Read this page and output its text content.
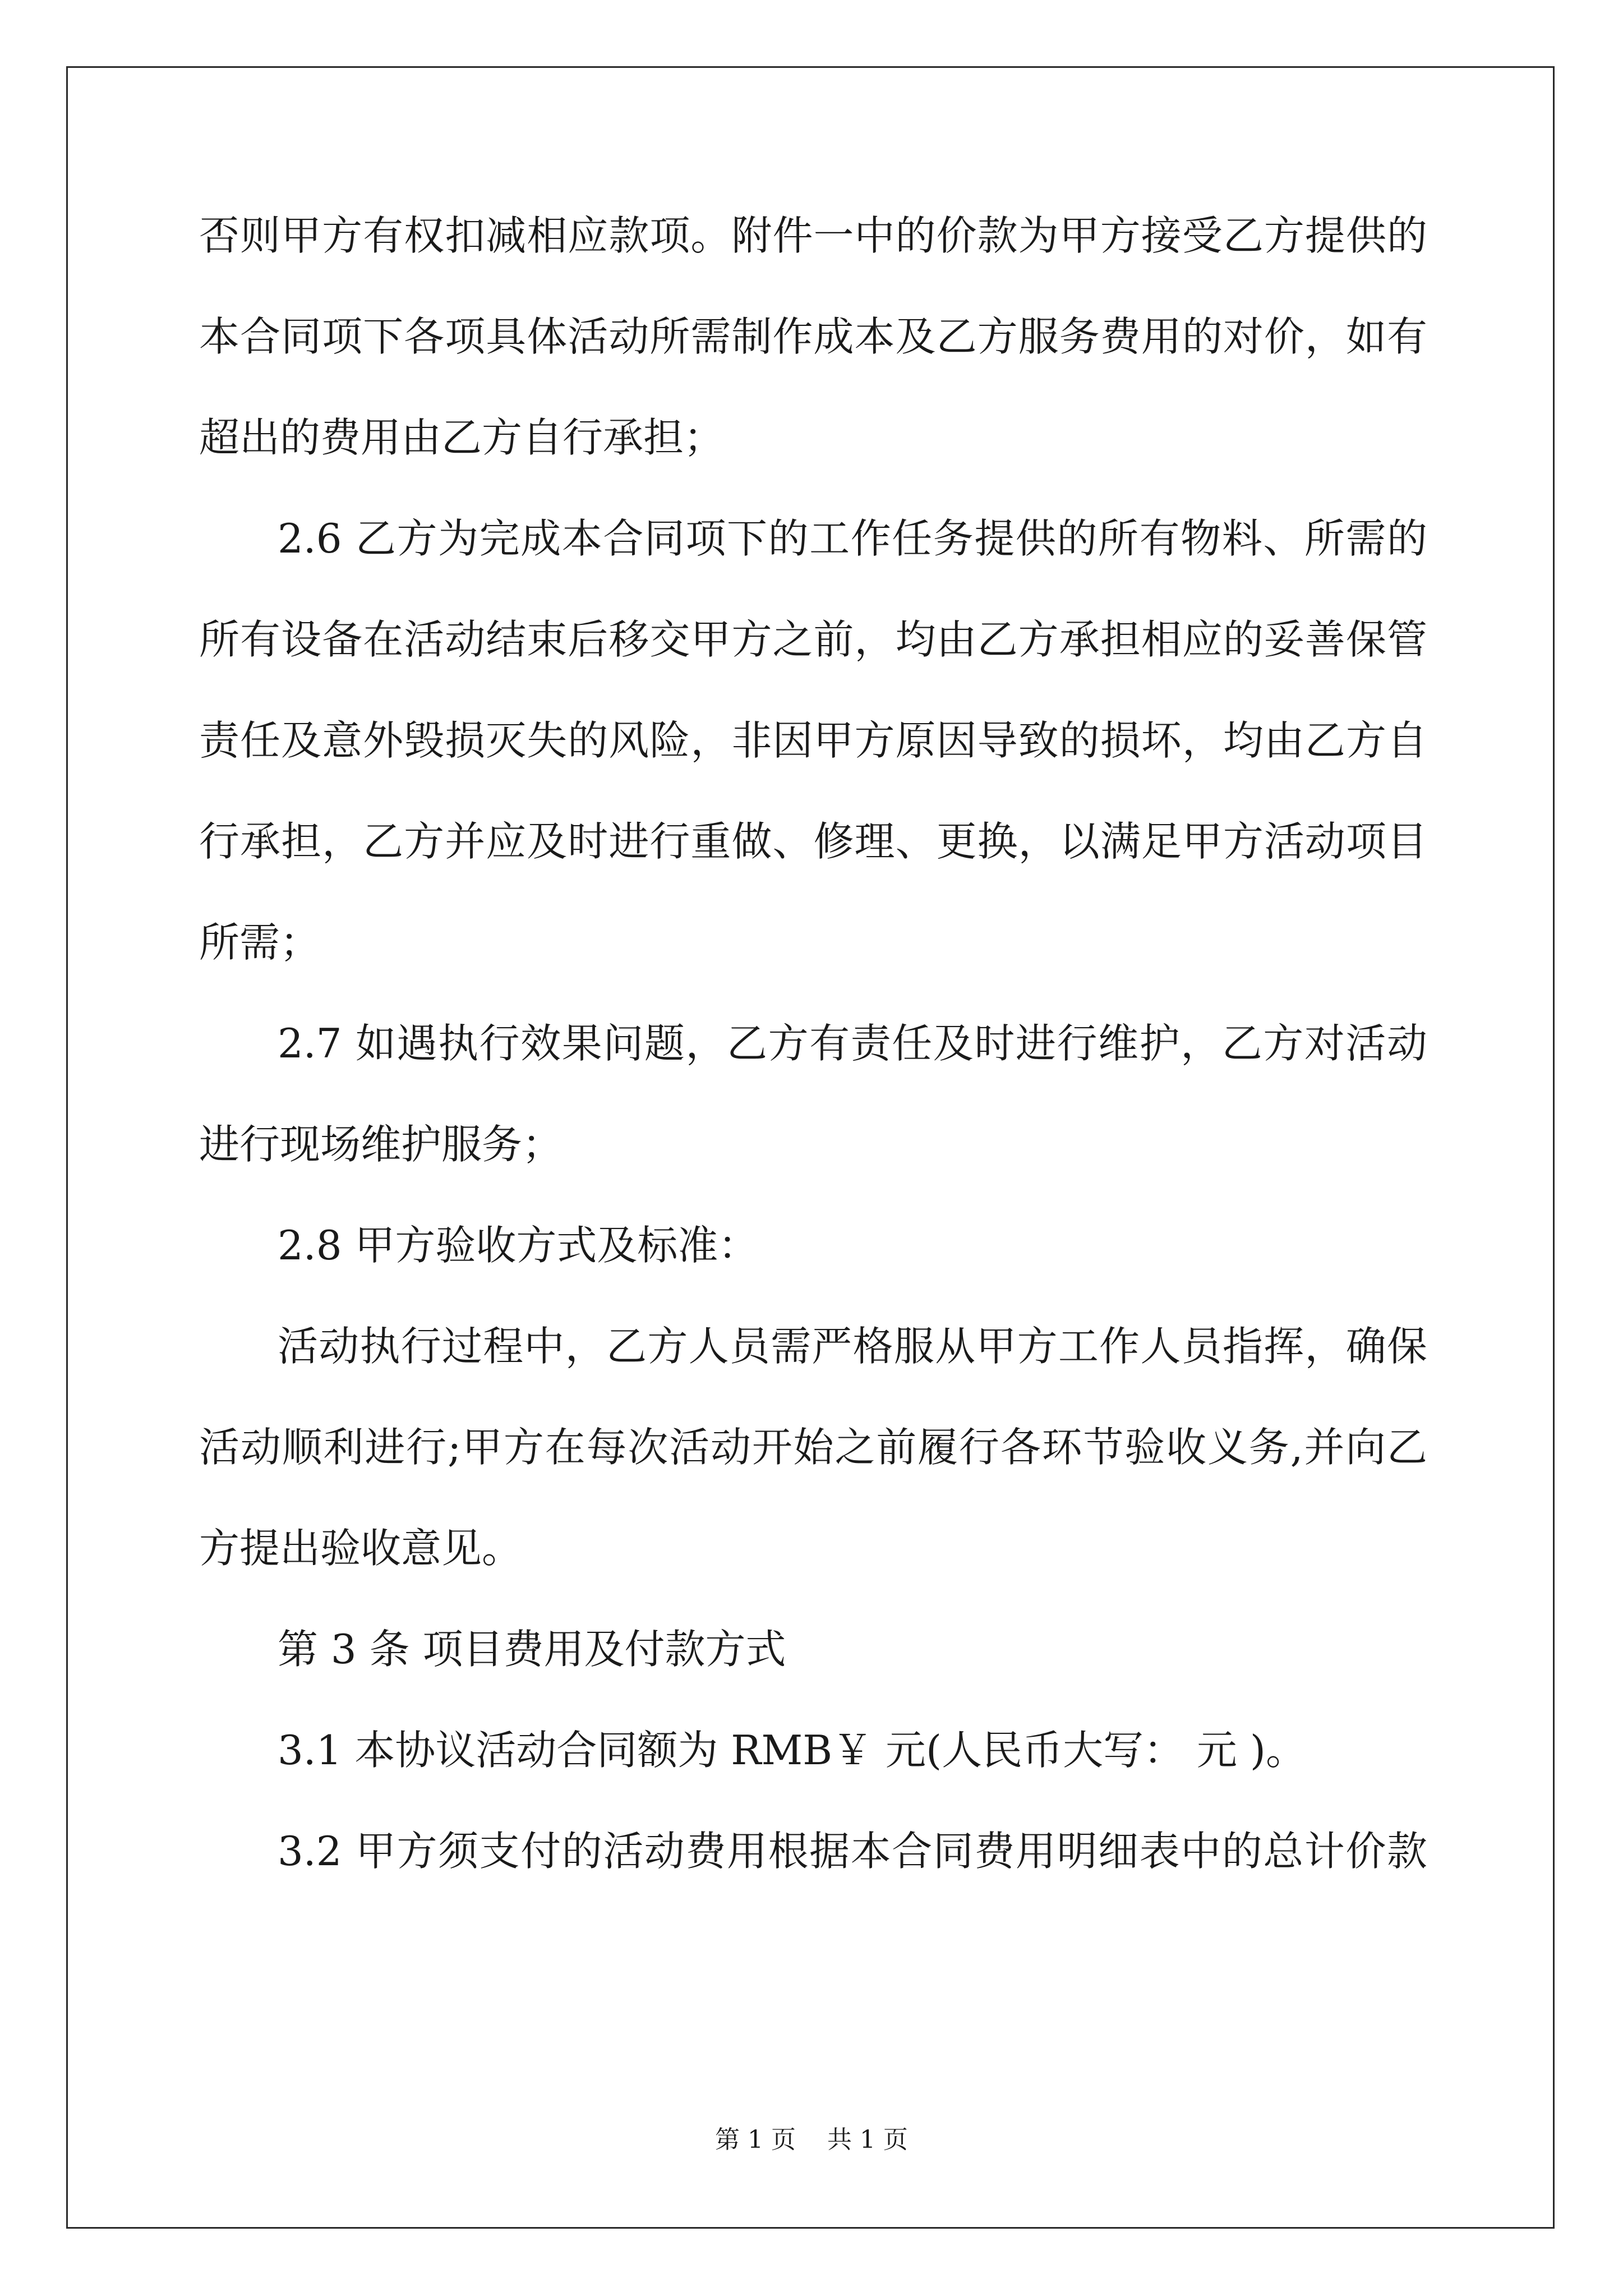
否则甲方有权扣减相应款项。附件一中的价款为甲方接受乙方提供的
本合同项下各项具体活动所需制作成本及乙方服务费用的对价，如有
超出的费用由乙方自行承担；
2.6 乙方为完成本合同项下的工作任务提供的所有物料、所需的
所有设备在活动结束后移交甲方之前，均由乙方承担相应的妥善保管
责任及意外毁损灭失的风险，非因甲方原因导致的损坏，均由乙方自
行承担，乙方并应及时进行重做、修理、更换，以满足甲方活动项目
所需；
2.7 如遇执行效果问题，乙方有责任及时进行维护，乙方对活动
进行现场维护服务；
2.8 甲方验收方式及标准：
活动执行过程中，乙方人员需严格服从甲方工作人员指挥，确保
活动顺利进行;甲方在每次活动开始之前履行各环节验收义务,并向乙
方提出验收意见。
第 3 条 项目费用及付款方式
3.1 本协议活动合同额为 RMB￥ 元(人民币大写： 元 )。
3.2 甲方须支付的活动费用根据本合同费用明细表中的总计价款
第 1 页    共 1 页
